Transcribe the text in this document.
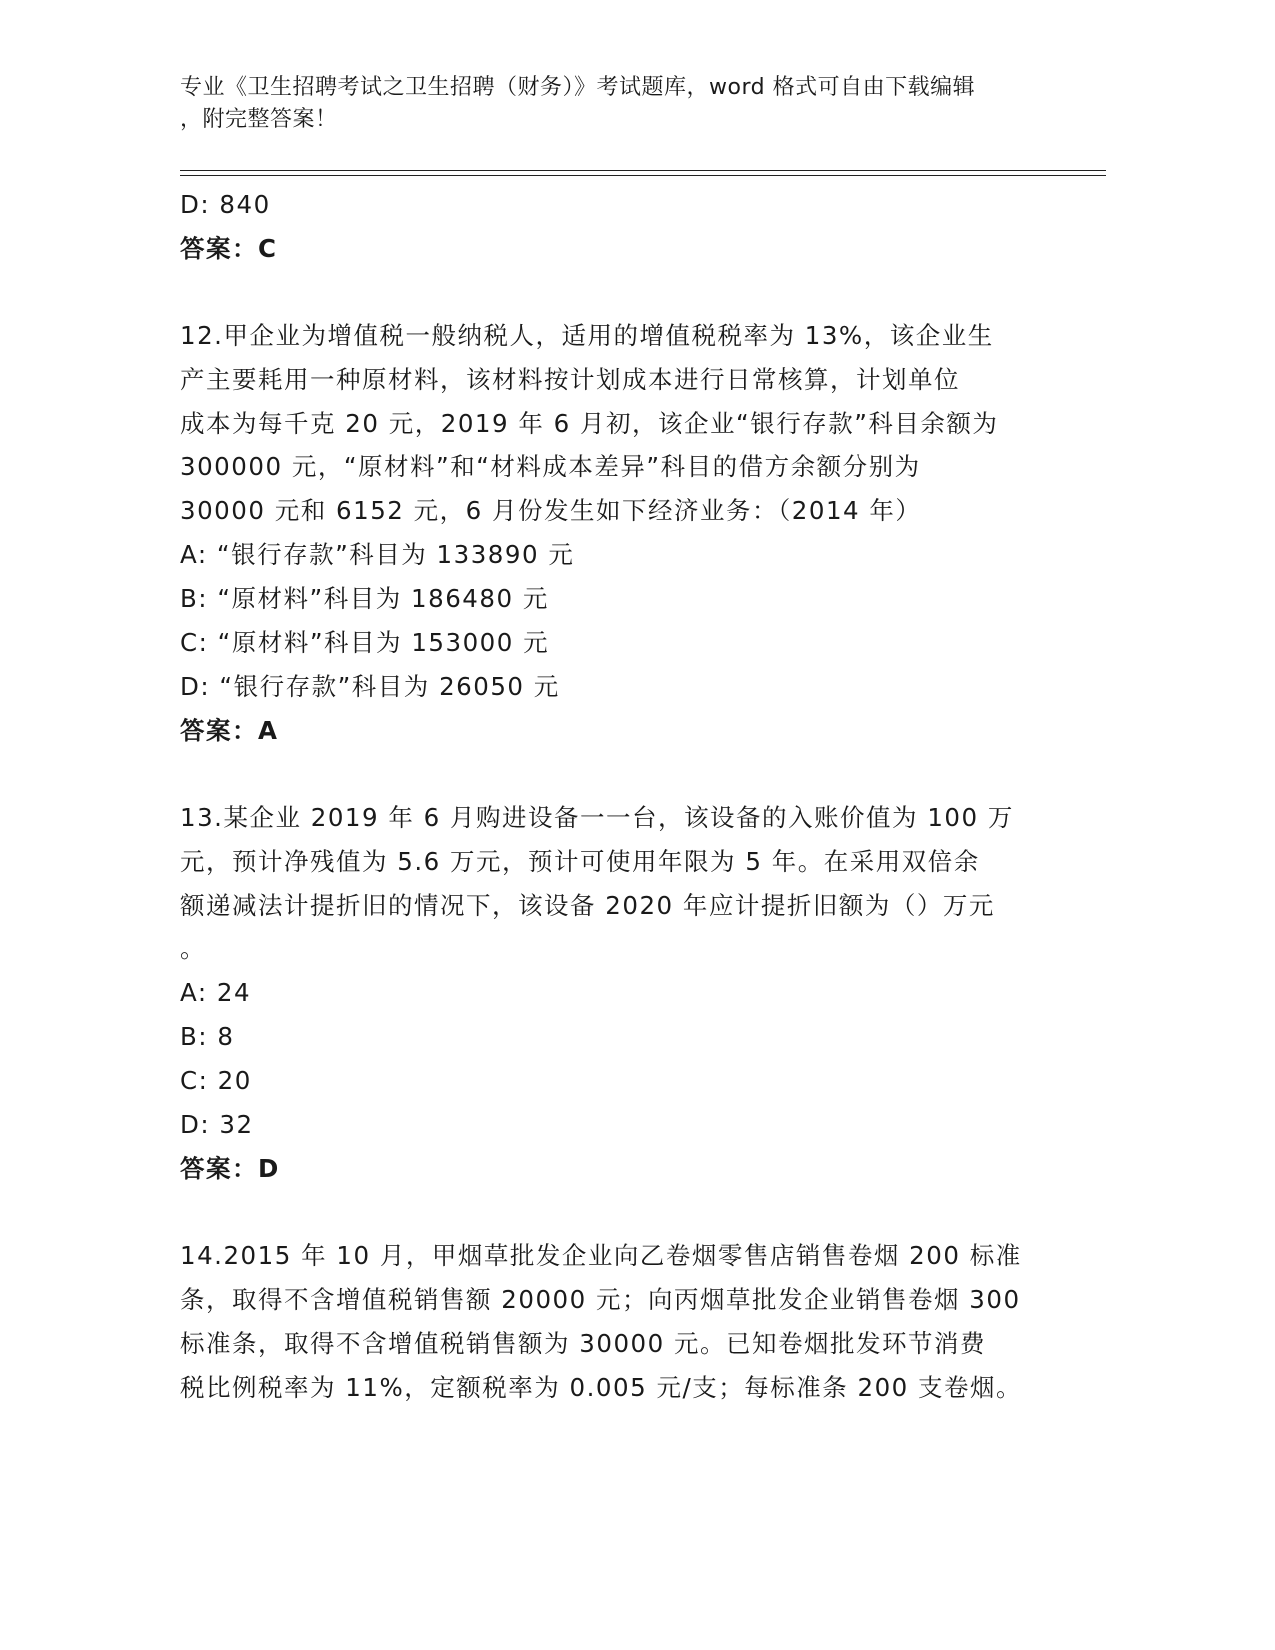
专业《卫生招聘考试之卫生招聘（财务）》考试题库，word 格式可自由下载编辑
，附完整答案！
D: 840
答案：C
12.甲企业为增值税一般纳税人，适用的增值税税率为 13%，该企业生
产主要耗用一种原材料，该材料按计划成本进行日常核算，计划单位
成本为每千克 20 元，2019 年 6 月初，该企业“银行存款”科目余额为
300000 元，“原材料”和“材料成本差异”科目的借方余额分别为
30000 元和 6152 元，6 月份发生如下经济业务：（2014 年）
A: “银行存款”科目为 133890 元
B: “原材料”科目为 186480 元
C: “原材料”科目为 153000 元
D: “银行存款”科目为 26050 元
答案：A
13.某企业 2019 年 6 月购进设备一一台，该设备的入账价值为 100 万
元，预计净残值为 5.6 万元，预计可使用年限为 5 年。在采用双倍余
额递减法计提折旧的情况下，该设备 2020 年应计提折旧额为（）万元
。
A: 24
B: 8
C: 20
D: 32
答案：D
14.2015 年 10 月，甲烟草批发企业向乙卷烟零售店销售卷烟 200 标准
条，取得不含增值税销售额 20000 元；向丙烟草批发企业销售卷烟 300
标准条，取得不含增值税销售额为 30000 元。已知卷烟批发环节消费
税比例税率为 11%，定额税率为 0.005 元/支；每标准条 200 支卷烟。
